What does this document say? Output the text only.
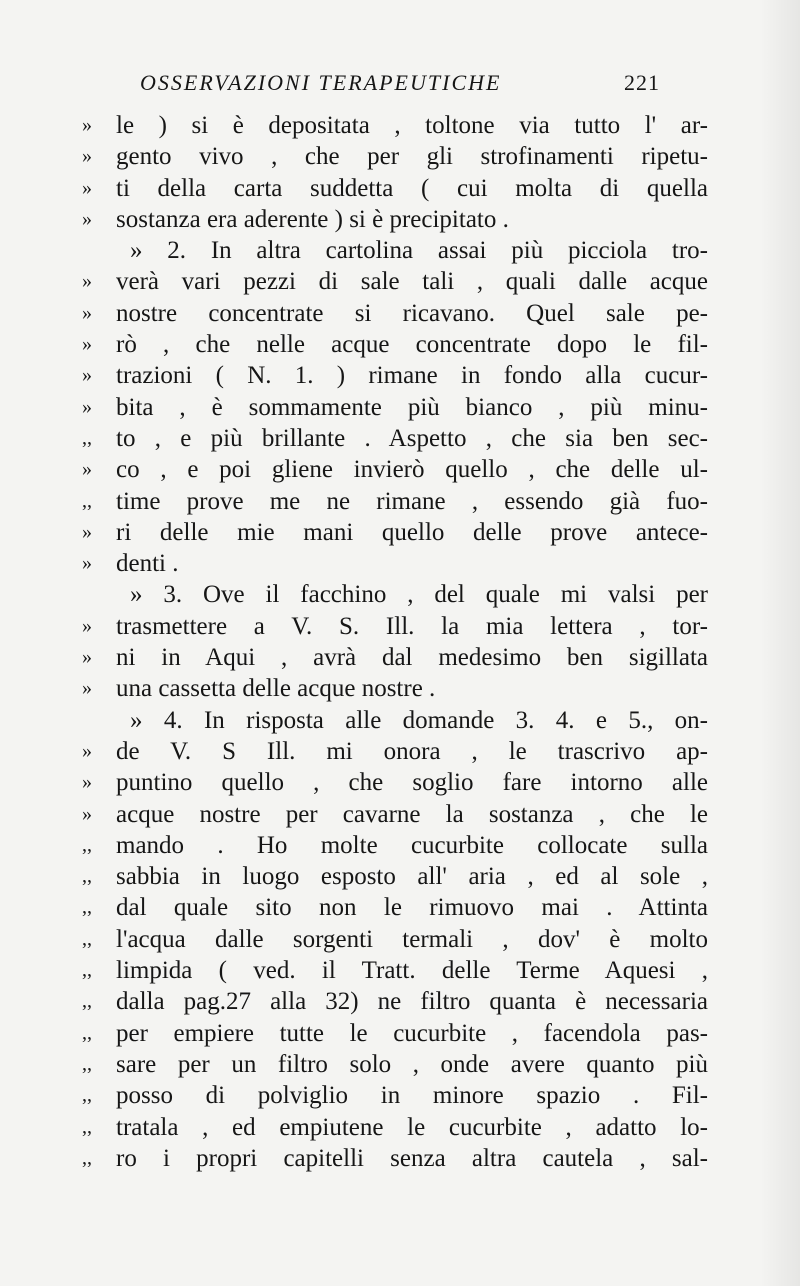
OSSERVAZIONI TERAPEUTICHE	221
» le ) si è depositata , toltone via tutto l' ar-
» gento vivo , che per gli strofinamenti ripetu-
» ti della carta suddetta ( cui molta di quella
» sostanza era aderente ) si è precipitato .
» 2. In altra cartolina assai più picciola tro-
» verà vari pezzi di sale tali , quali dalle acque
» nostre concentrate si ricavano. Quel sale pe-
» rò , che nelle acque concentrate dopo le fil-
» trazioni ( N. 1. ) rimane in fondo alla cucur-
» bita , è sommamente più bianco , più minu-
,, to , e più brillante . Aspetto , che sia ben sec-
» co , e poi gliene invierò quello , che delle ul-
,, time prove me ne rimane , essendo già fuo-
» ri delle mie mani quello delle prove antece-
» denti .
» 3. Ove il facchino , del quale mi valsi per
» trasmettere a V. S. Ill. la mia lettera , tor-
» ni in Aqui , avrà dal medesimo ben sigillata
» una cassetta delle acque nostre .
» 4. In risposta alle domande 3. 4. e 5., on-
» de V. S Ill. mi onora , le trascrivo ap-
» puntino quello , che soglio fare intorno alle
» acque nostre per cavarne la sostanza , che le
,, mando . Ho molte cucurbite collocate sulla
,, sabbia in luogo esposto all' aria , ed al sole ,
,, dal quale sito non le rimuovo mai . Attinta
,, l'acqua dalle sorgenti termali , dov' è molto
,, limpida ( ved. il Tratt. delle Terme Aquesi ,
,, dalla pag.27 alla 32) ne filtro quanta è necessaria
,, per empiere tutte le cucurbite , facendola pas-
,, sare per un filtro solo , onde avere quanto più
,, posso di polviglio in minore spazio . Fil-
,, tratala , ed empiutene le cucurbite , adatto lo-
,, ro i propri capitelli senza altra cautela , sal-
